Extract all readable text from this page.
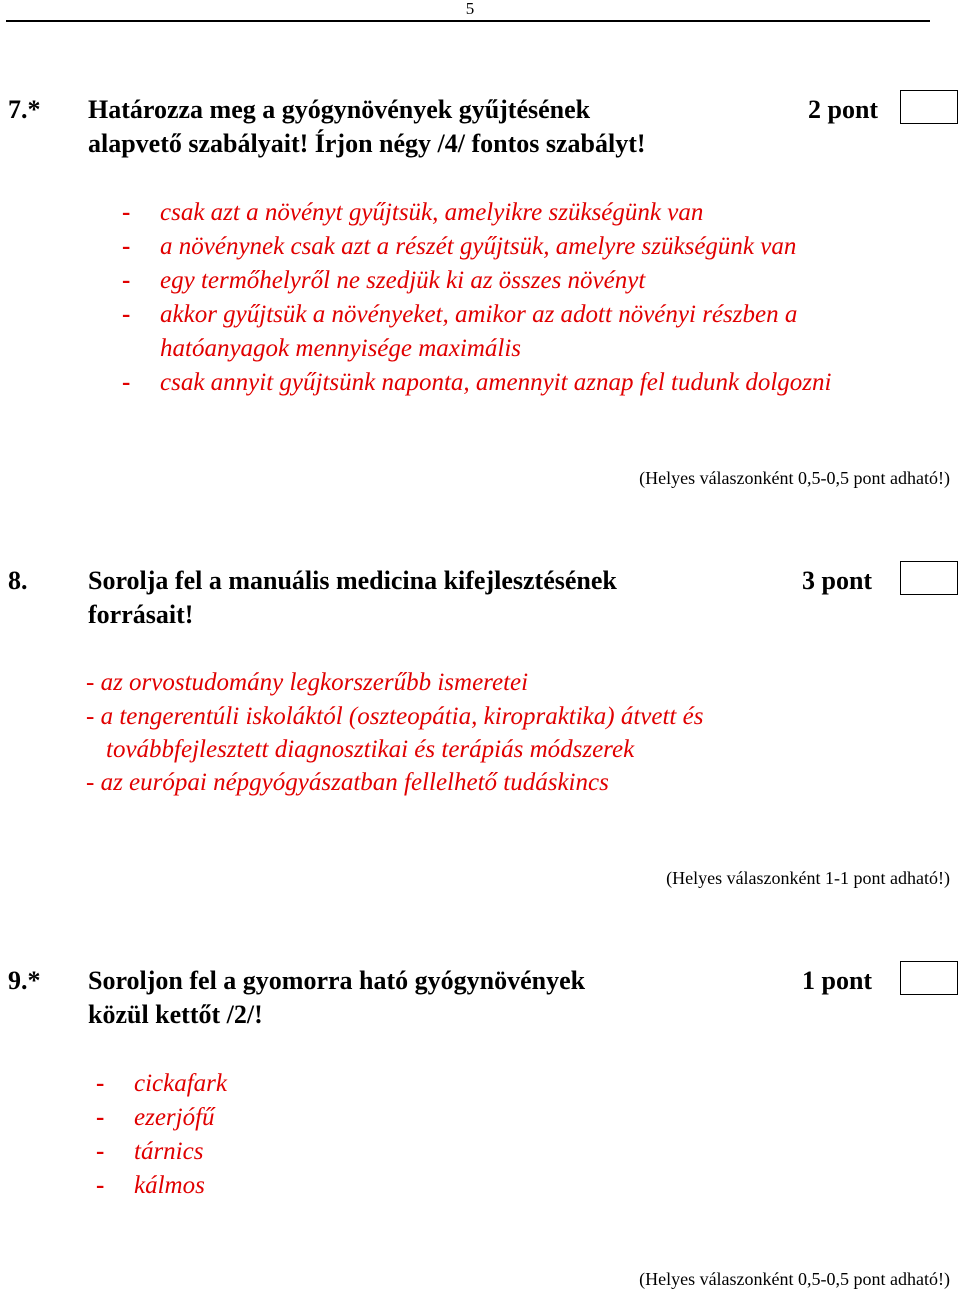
5
7.* Határozza meg a gyógynövények gyűjtésének	2 pont
alapvető szabályait! Írjon négy /4/ fontos szabályt!
- csak azt a növényt gyűjtsük, amelyikre szükségünk van
- a növénynek csak azt a részét gyűjtsük, amelyre szükségünk van
- egy termőhelyről ne szedjük ki az összes növényt
- akkor gyűjtsük a növényeket, amikor az adott növényi részben a
hatóanyagok mennyisége maximális
- csak annyit gyűjtsünk naponta, amennyit aznap fel tudunk dolgozni
(Helyes válaszonként 0,5-0,5 pont adható!)
8. Sorolja fel a manuális medicina kifejlesztésének	3 pont
forrásait!
- az orvostudomány legkorszerűbb ismeretei
- a tengerentúli iskoláktól (oszteopátia, kiropraktika) átvett és
továbbfejlesztett diagnosztikai és terápiás módszerek
- az európai népgyógyászatban fellelhető tudáskincs
(Helyes válaszonként 1-1 pont adható!)
9.* Soroljon fel a gyomorra ható gyógynövények	1 pont
közül kettőt /2/!
- cickafark
- ezerjófű
- tárnics
- kálmos
(Helyes válaszonként 0,5-0,5 pont adható!)
